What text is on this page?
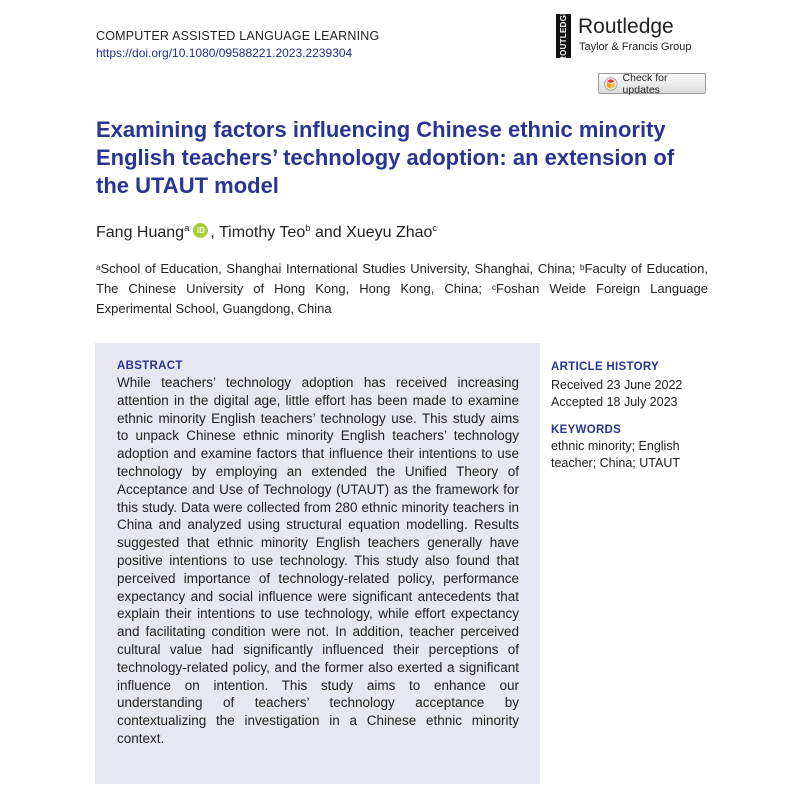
COMPUTER ASSISTED LANGUAGE LEARNING
https://doi.org/10.1080/09588221.2023.2239304	ROUTLEDGE Routledge
Taylor & Francis Group
Check for updates
Examining factors influencing Chinese ethnic minority English teachers’ technology adoption: an extension of the UTAUT model
Fang Huang$^a$ iD , Timothy Teo$^b$ and Xueyu Zhao$^c$
$^a$School of Education, Shanghai International Studies University, Shanghai, China; $^b$Faculty of Education, The Chinese University of Hong Kong, Hong Kong, China; $^c$Foshan Weide Foreign Language Experimental School, Guangdong, China
ABSTRACT

While teachers’ technology adoption has received increasing attention in the digital age, little effort has been made to examine ethnic minority English teachers’ technology use. This study aims to unpack Chinese ethnic minority English teachers’ technology adoption and examine factors that influence their intentions to use technology by employing an extended the Unified Theory of Acceptance and Use of Technology (UTAUT) as the framework for this study. Data were collected from 280 ethnic minority teachers in China and analyzed using structural equation modelling. Results suggested that ethnic minority English teachers generally have positive intentions to use technology. This study also found that perceived importance of technology-related policy, performance expectancy and social influence were significant antecedents that explain their intentions to use technology, while effort expectancy and facilitating condition were not. In addition, teacher perceived cultural value had significantly influenced their perceptions of technology-related policy, and the former also exerted a significant influence on intention. This study aims to enhance our understanding of teachers’ technology acceptance by contextualizing the investigation in a Chinese ethnic minority context.

ARTICLE HISTORY
Received 23 June 2022
Accepted 18 July 2023
KEYWORDS
ethnic minority; English teacher; China; UTAUT
